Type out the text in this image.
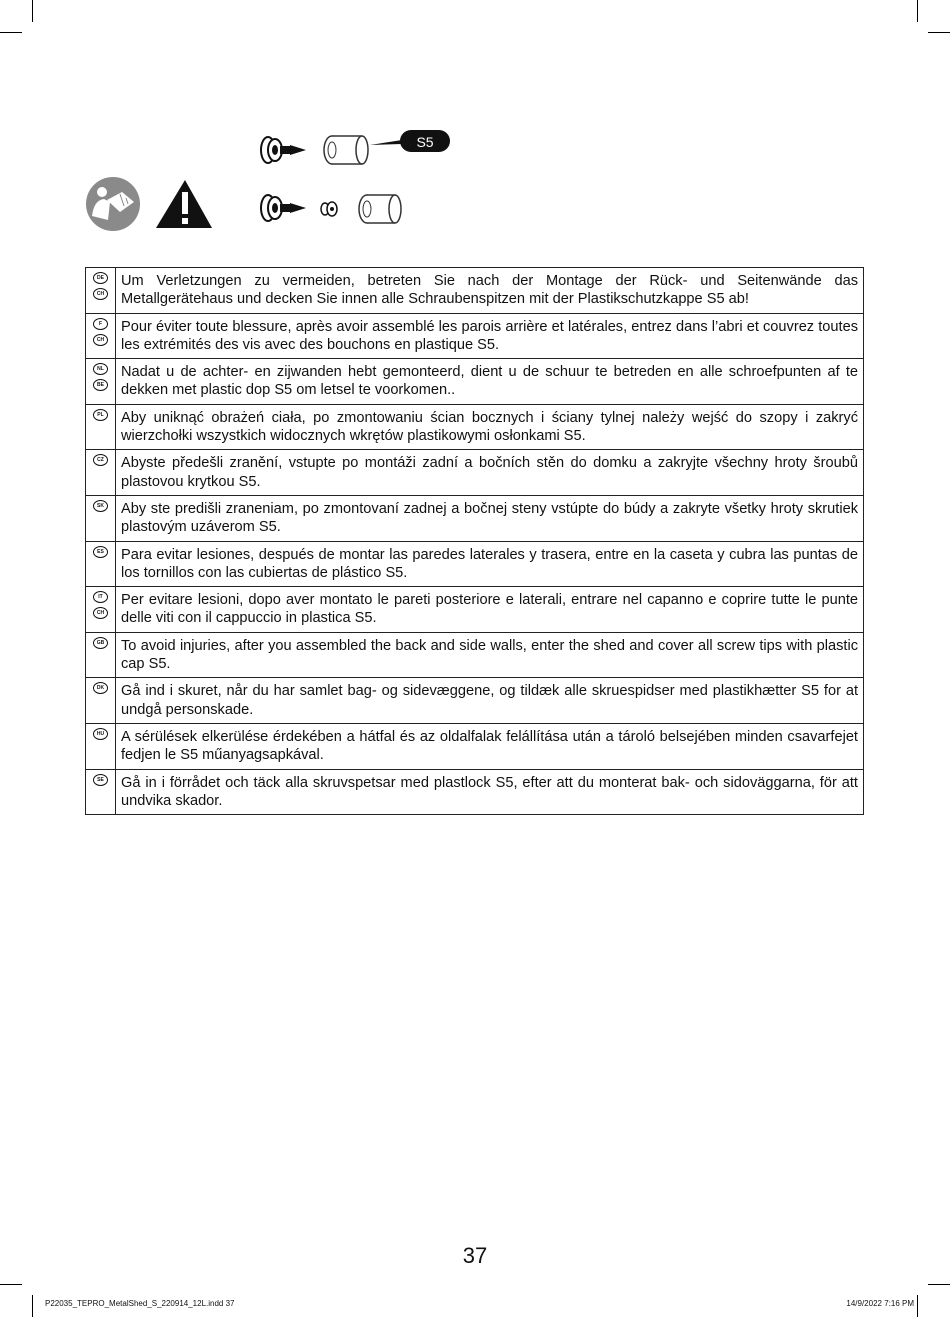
S5
DE
CH	Um Verletzungen zu vermeiden, betreten Sie nach der Montage der Rück- und Seitenwände das Metallgerätehaus und decken Sie innen alle Schraubenspitzen mit der Plastikschutzkappe S5 ab!

F
CH	Pour éviter toute blessure, après avoir assemblé les parois arrière et latérales, entrez dans l’abri et couvrez toutes les extrémités des vis avec des bouchons en plastique S5.

NL
BE	Nadat u de achter- en zijwanden hebt gemonteerd, dient u de schuur te betreden en alle schroefpunten af te dekken met plastic dop S5 om letsel te voorkomen..

PL	Aby uniknąć obrażeń ciała, po zmontowaniu ścian bocznych i ściany tylnej należy wejść do szopy i zakryć wierzchołki wszystkich widocznych wkrętów plastikowymi osłonkami S5.

CZ	Abyste předešli zranění, vstupte po montáži zadní a bočních stěn do domku a zakryjte všechny hroty šroubů plastovou krytkou S5.

SK	Aby ste predišli zraneniam, po zmontovaní zadnej a bočnej steny vstúpte do búdy a zakryte všetky hroty skrutiek plastovým uzáverom S5.

ES	Para evitar lesiones, después de montar las paredes laterales y trasera, entre en la caseta y cubra las puntas de los tornillos con las cubiertas de plástico S5.

IT
CH	Per evitare lesioni, dopo aver montato le pareti posteriore e laterali, entrare nel capanno e coprire tutte le punte delle viti con il cappuccio in plastica S5.

GB	To avoid injuries, after you assembled the back and side walls, enter the shed and cover all screw tips with plastic cap S5.

DK	Gå ind i skuret, når du har samlet bag- og sidevæggene, og tildæk alle skruespidser med plastikhætter S5 for at undgå personskade.

HU	A sérülések elkerülése érdekében a hátfal és az oldalfalak felállítása után a tároló belsejében minden csavarfejet fedjen le S5 műanyagsapkával.

SE	Gå in i förrådet och täck alla skruvspetsar med plastlock S5, efter att du monterat bak- och sidoväggarna, för att undvika skador.
37
P22035_TEPRO_MetalShed_S_220914_12L.indd 37	14/9/2022 7:16 PM
